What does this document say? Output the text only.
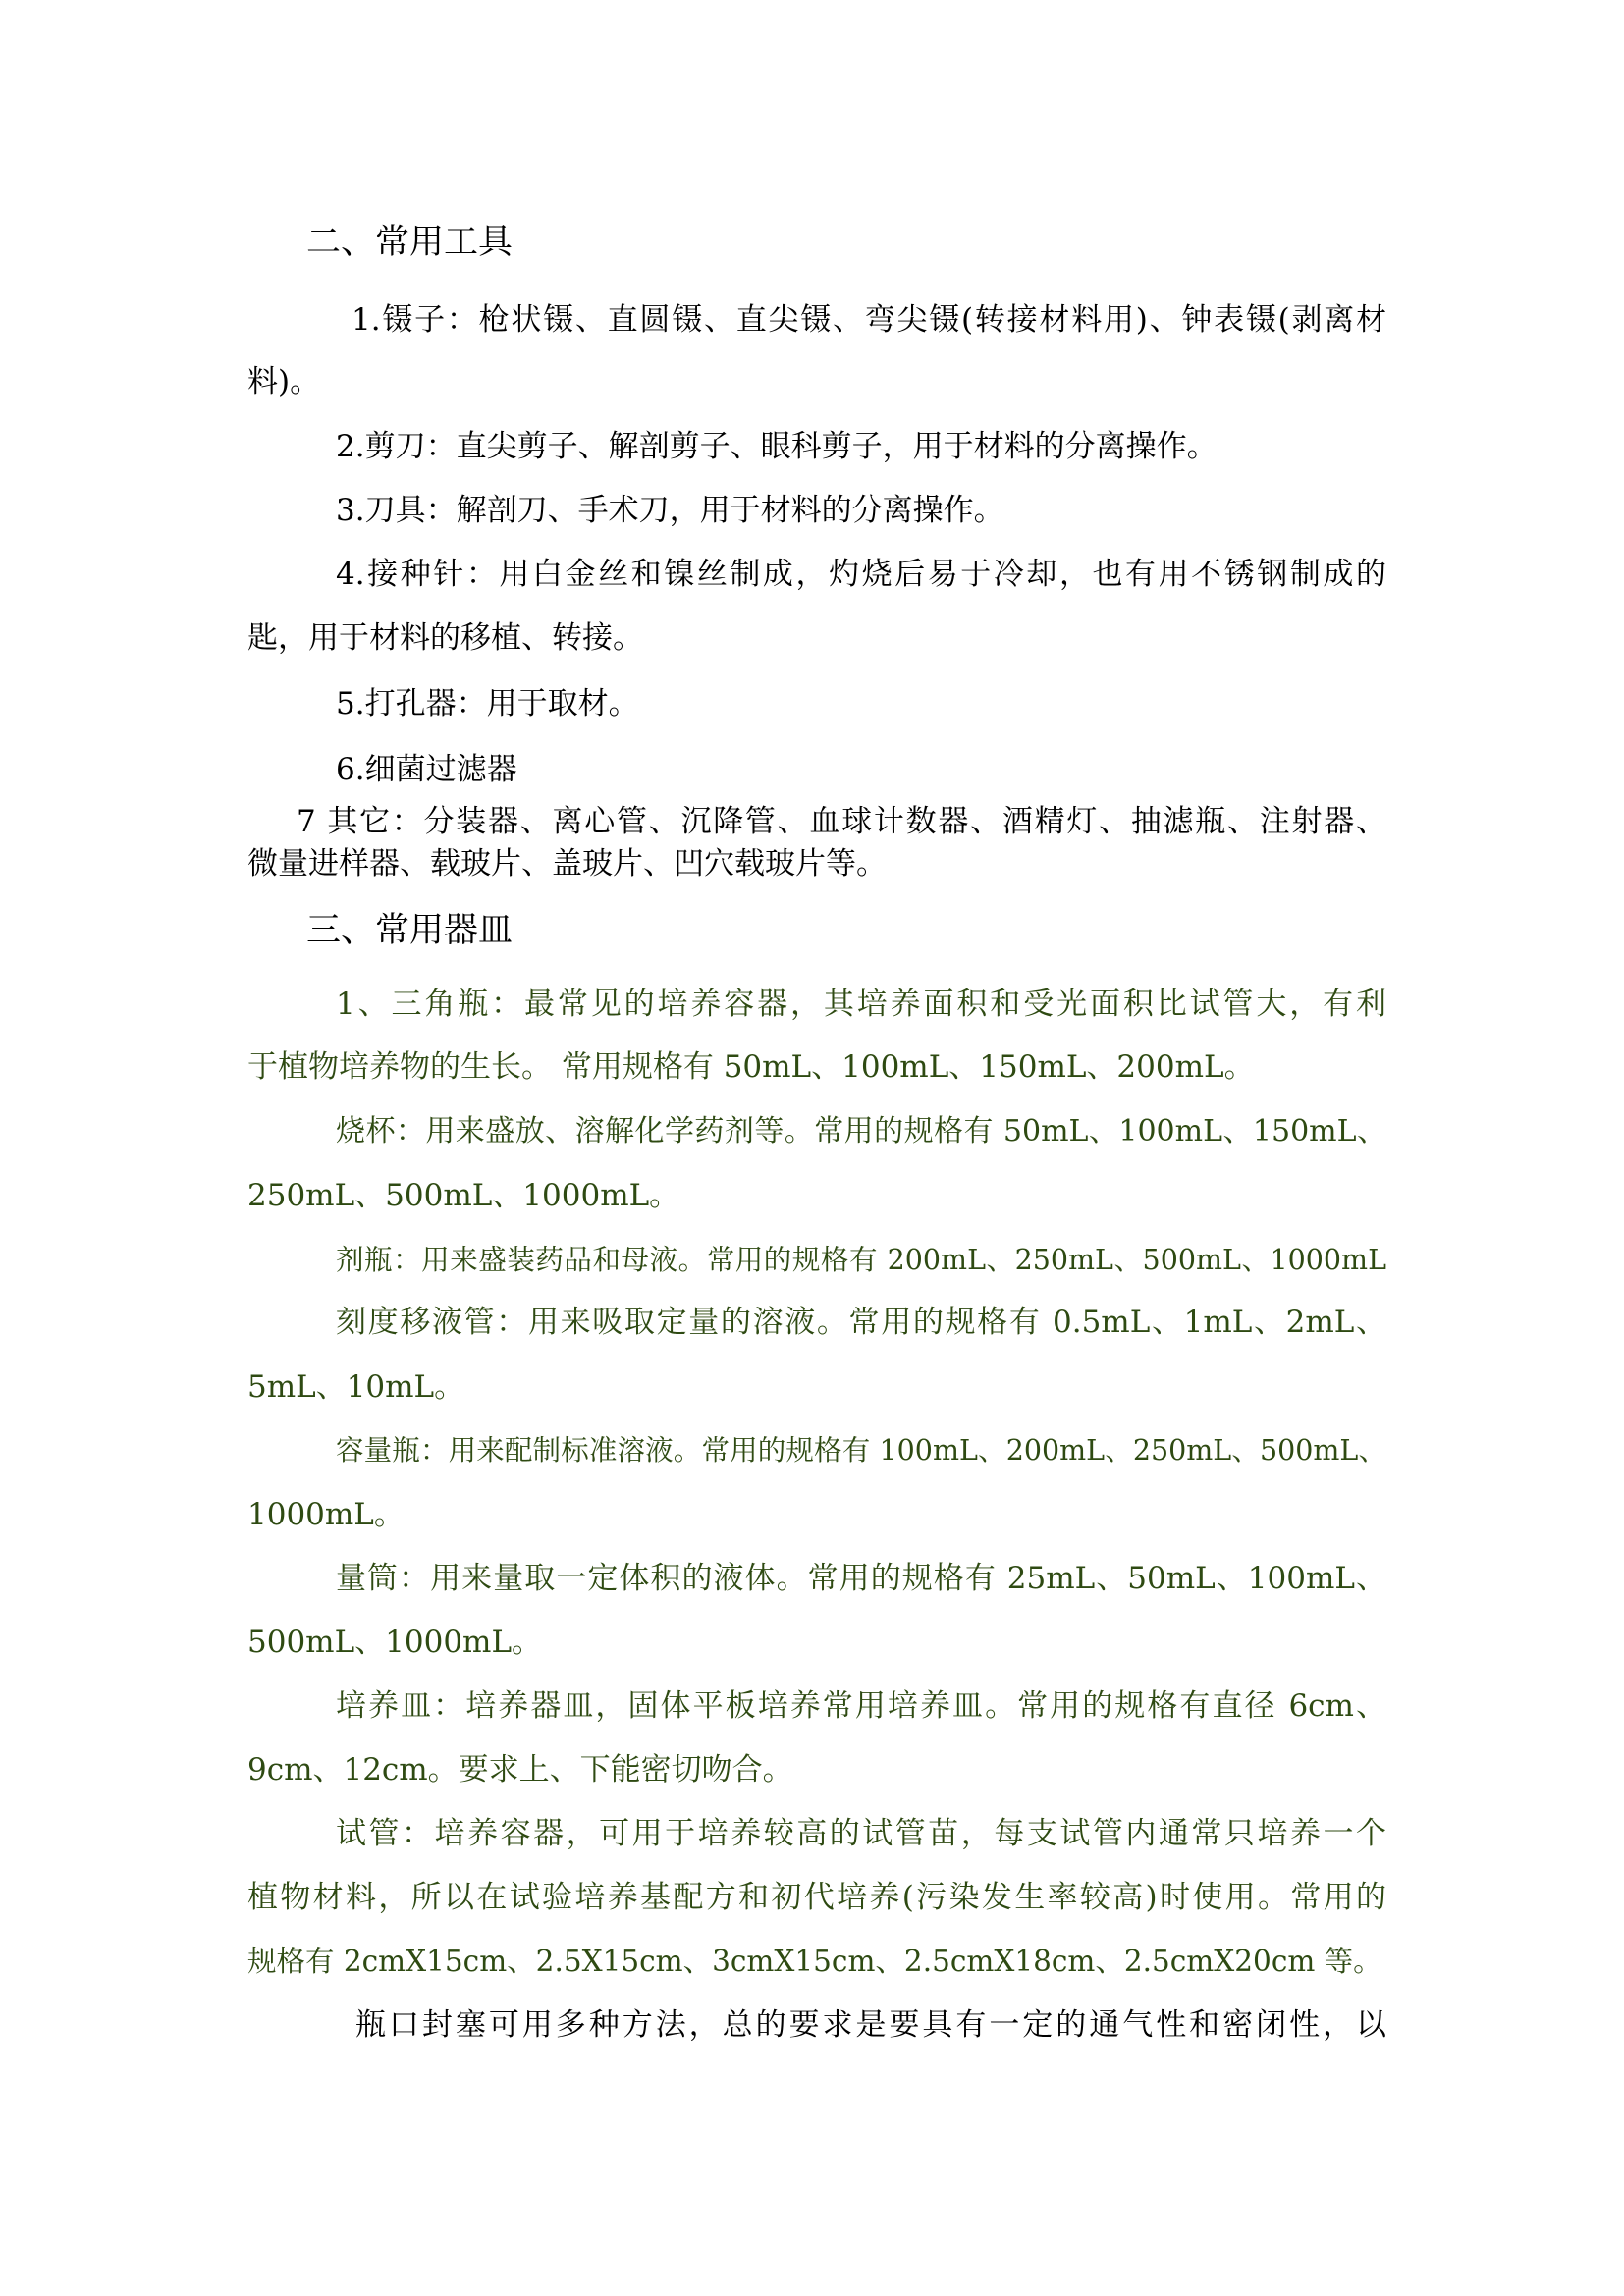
二、常用工具

1.镊子：枪状镊、直圆镊、直尖镊、弯尖镊(转接材料用)、钟表镊(剥离材

料)。

2.剪刀：直尖剪子、解剖剪子、眼科剪子，用于材料的分离操作。

3.刀具：解剖刀、手术刀，用于材料的分离操作。

4.接种针：用白金丝和镍丝制成，灼烧后易于冷却，也有用不锈钢制成的

匙，用于材料的移植、转接。

5.打孔器：用于取材。

6.细菌过滤器

7 其它：分装器、离心管、沉降管、血球计数器、酒精灯、抽滤瓶、注射器、

微量进样器、载玻片、盖玻片、凹穴载玻片等。

三、常用器皿

1、三角瓶：最常见的培养容器，其培养面积和受光面积比试管大，有利

于植物培养物的生长。 常用规格有 50mL、100mL、150mL、200mL。

烧杯：用来盛放、溶解化学药剂等。常用的规格有 50mL、100mL、150mL、

250mL、500mL、1000mL。

剂瓶：用来盛装药品和母液。常用的规格有 200mL、250mL、500mL、1000mL

刻度移液管：用来吸取定量的溶液。常用的规格有 0.5mL、1mL、2mL、

5mL、10mL。

容量瓶：用来配制标准溶液。常用的规格有 100mL、200mL、250mL、500mL、

1000mL。

量筒：用来量取一定体积的液体。常用的规格有 25mL、50mL、100mL、

500mL、1000mL。

培养皿：培养器皿，固体平板培养常用培养皿。常用的规格有直径 6cm、

9cm、12cm。要求上、下能密切吻合。

试管：培养容器，可用于培养较高的试管苗，每支试管内通常只培养一个

植物材料，所以在试验培养基配方和初代培养(污染发生率较高)时使用。常用的

规格有 2cmX15cm、2.5X15cm、3cmX15cm、2.5cmX18cm、2.5cmX20cm 等。

瓶口封塞可用多种方法，总的要求是要具有一定的通气性和密闭性，以
